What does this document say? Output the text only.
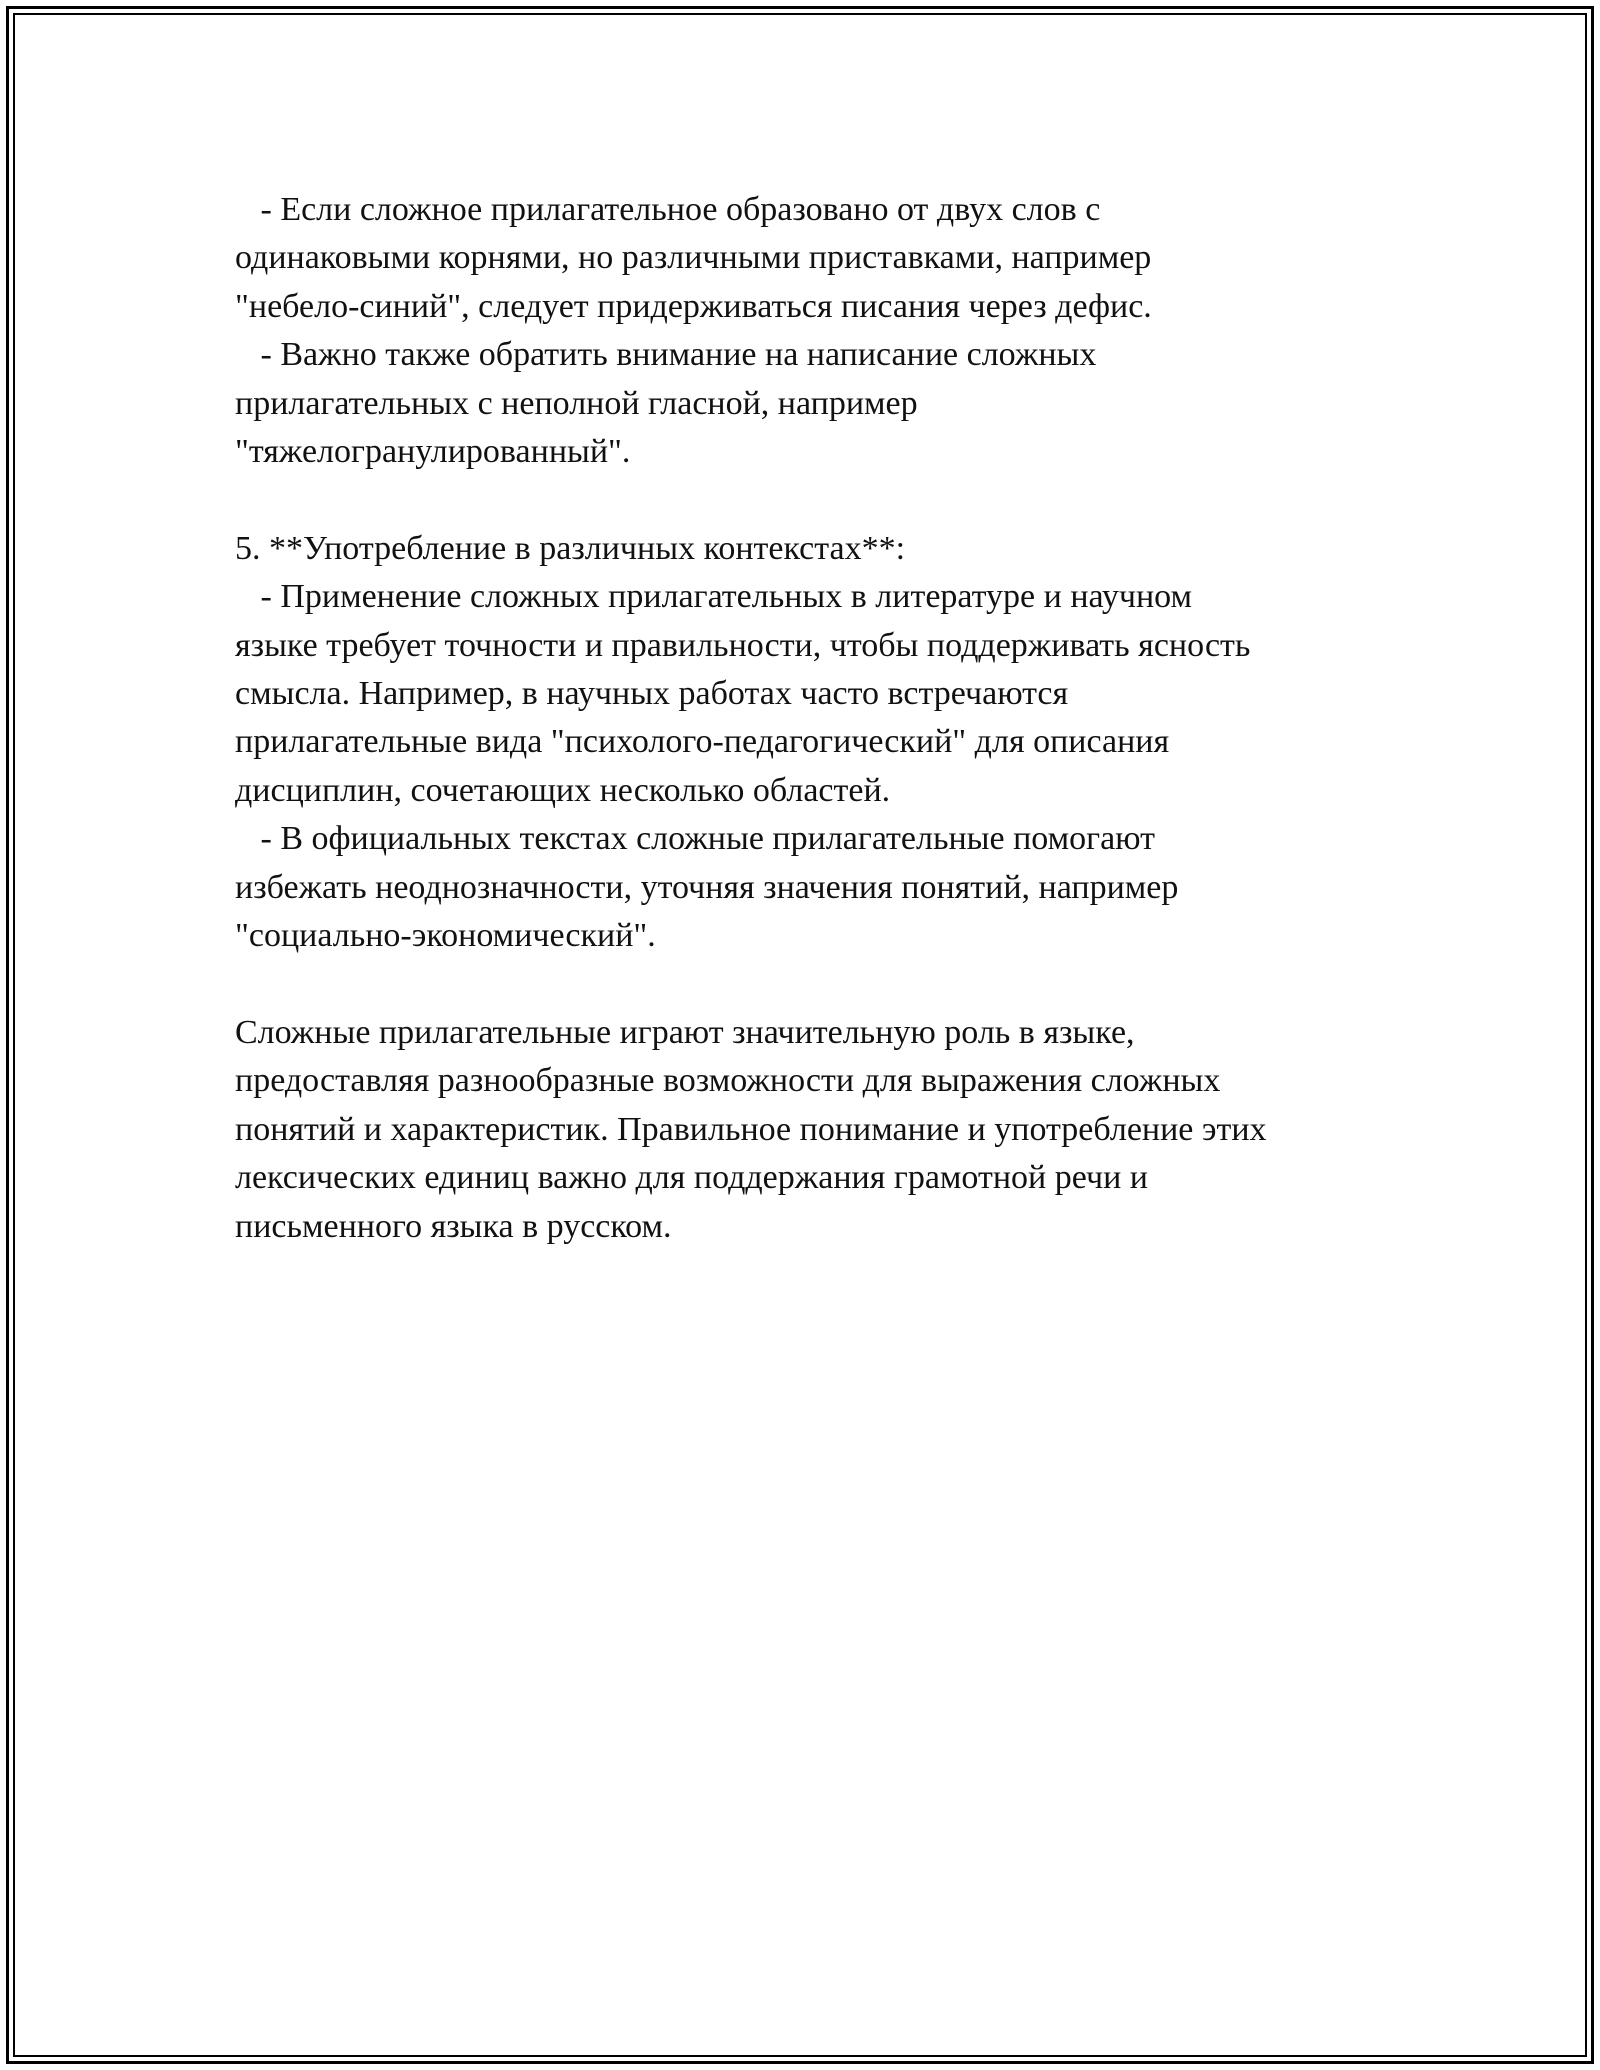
- Если сложное прилагательное образовано от двух слов с

одинаковыми корнями, но различными приставками, например

"небело-синий", следует придерживаться писания через дефис.

- Важно также обратить внимание на написание сложных

прилагательных с неполной гласной, например

"тяжелогранулированный".

5. **Употребление в различных контекстах**:

- Применение сложных прилагательных в литературе и научном

языке требует точности и правильности, чтобы поддерживать ясность

смысла. Например, в научных работах часто встречаются

прилагательные вида "психолого-педагогический" для описания

дисциплин, сочетающих несколько областей.

- В официальных текстах сложные прилагательные помогают

избежать неоднозначности, уточняя значения понятий, например

"социально-экономический".

Сложные прилагательные играют значительную роль в языке,

предоставляя разнообразные возможности для выражения сложных

понятий и характеристик. Правильное понимание и употребление этих

лексических единиц важно для поддержания грамотной речи и

письменного языка в русском.
